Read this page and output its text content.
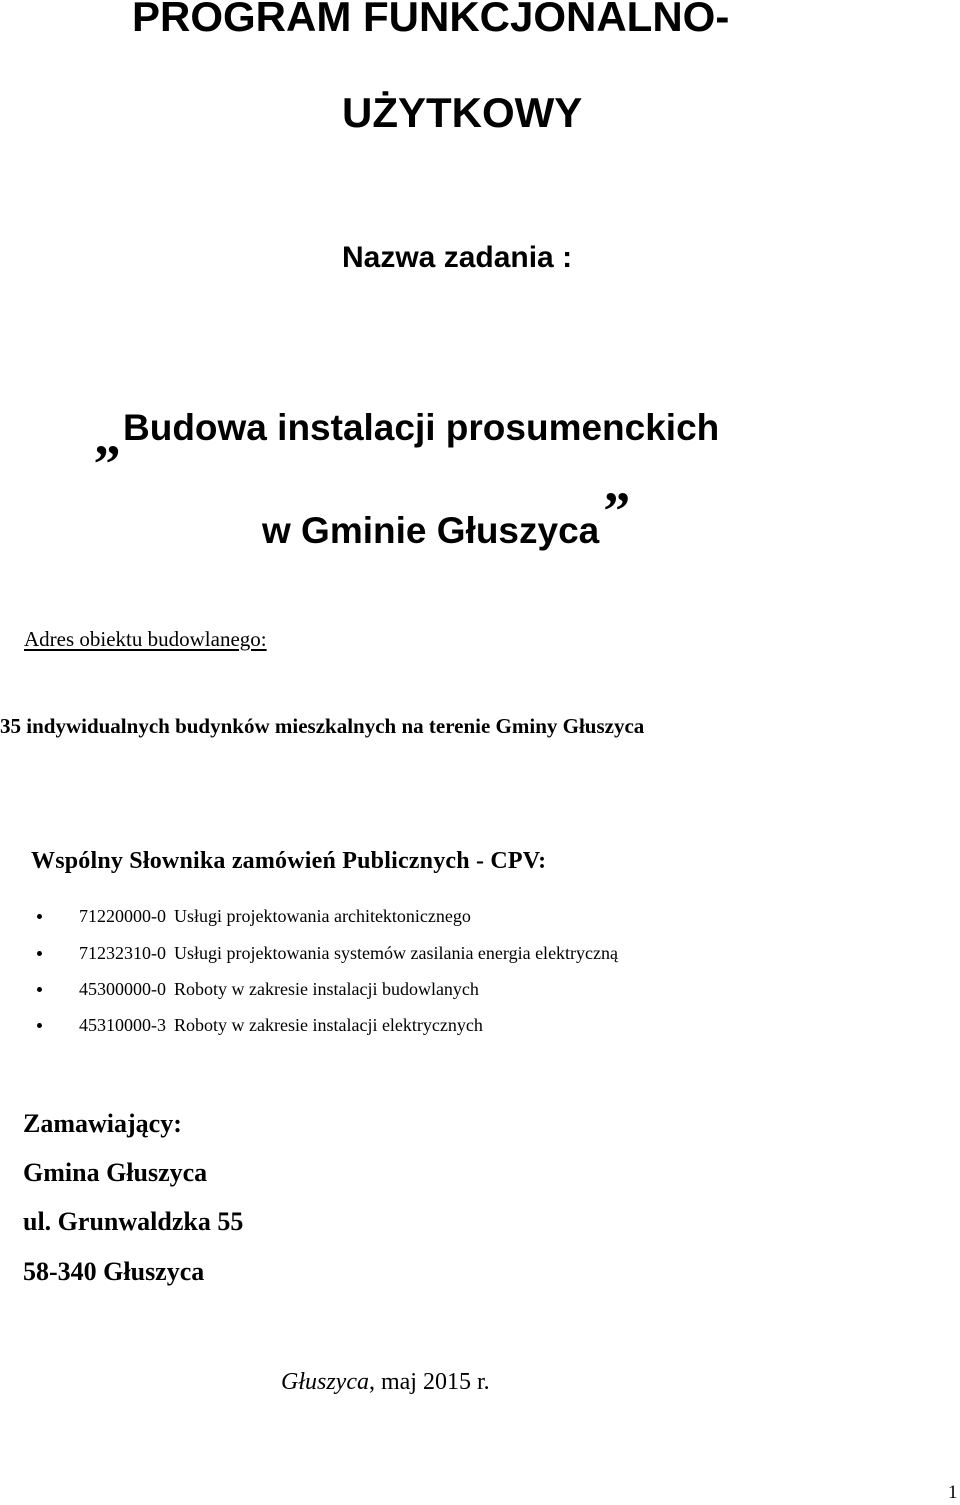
PROGRAM FUNKCJONALNO-
UŻYTKOWY
Nazwa zadania :
„Budowa instalacji prosumenckich
w Gminie Głuszyca”
Adres obiektu budowlanego:
35 indywidualnych budynków mieszkalnych na terenie Gminy Głuszyca
Wspólny Słownika zamówień Publicznych - CPV:
71220000-0 Usługi projektowania architektonicznego
71232310-0 Usługi projektowania systemów zasilania energia elektryczną
45300000-0 Roboty w zakresie instalacji budowlanych
45310000-3 Roboty w zakresie instalacji elektrycznych
Zamawiający:
Gmina Głuszyca
ul. Grunwaldzka 55
58-340 Głuszyca
Głuszyca, maj 2015 r.
1
